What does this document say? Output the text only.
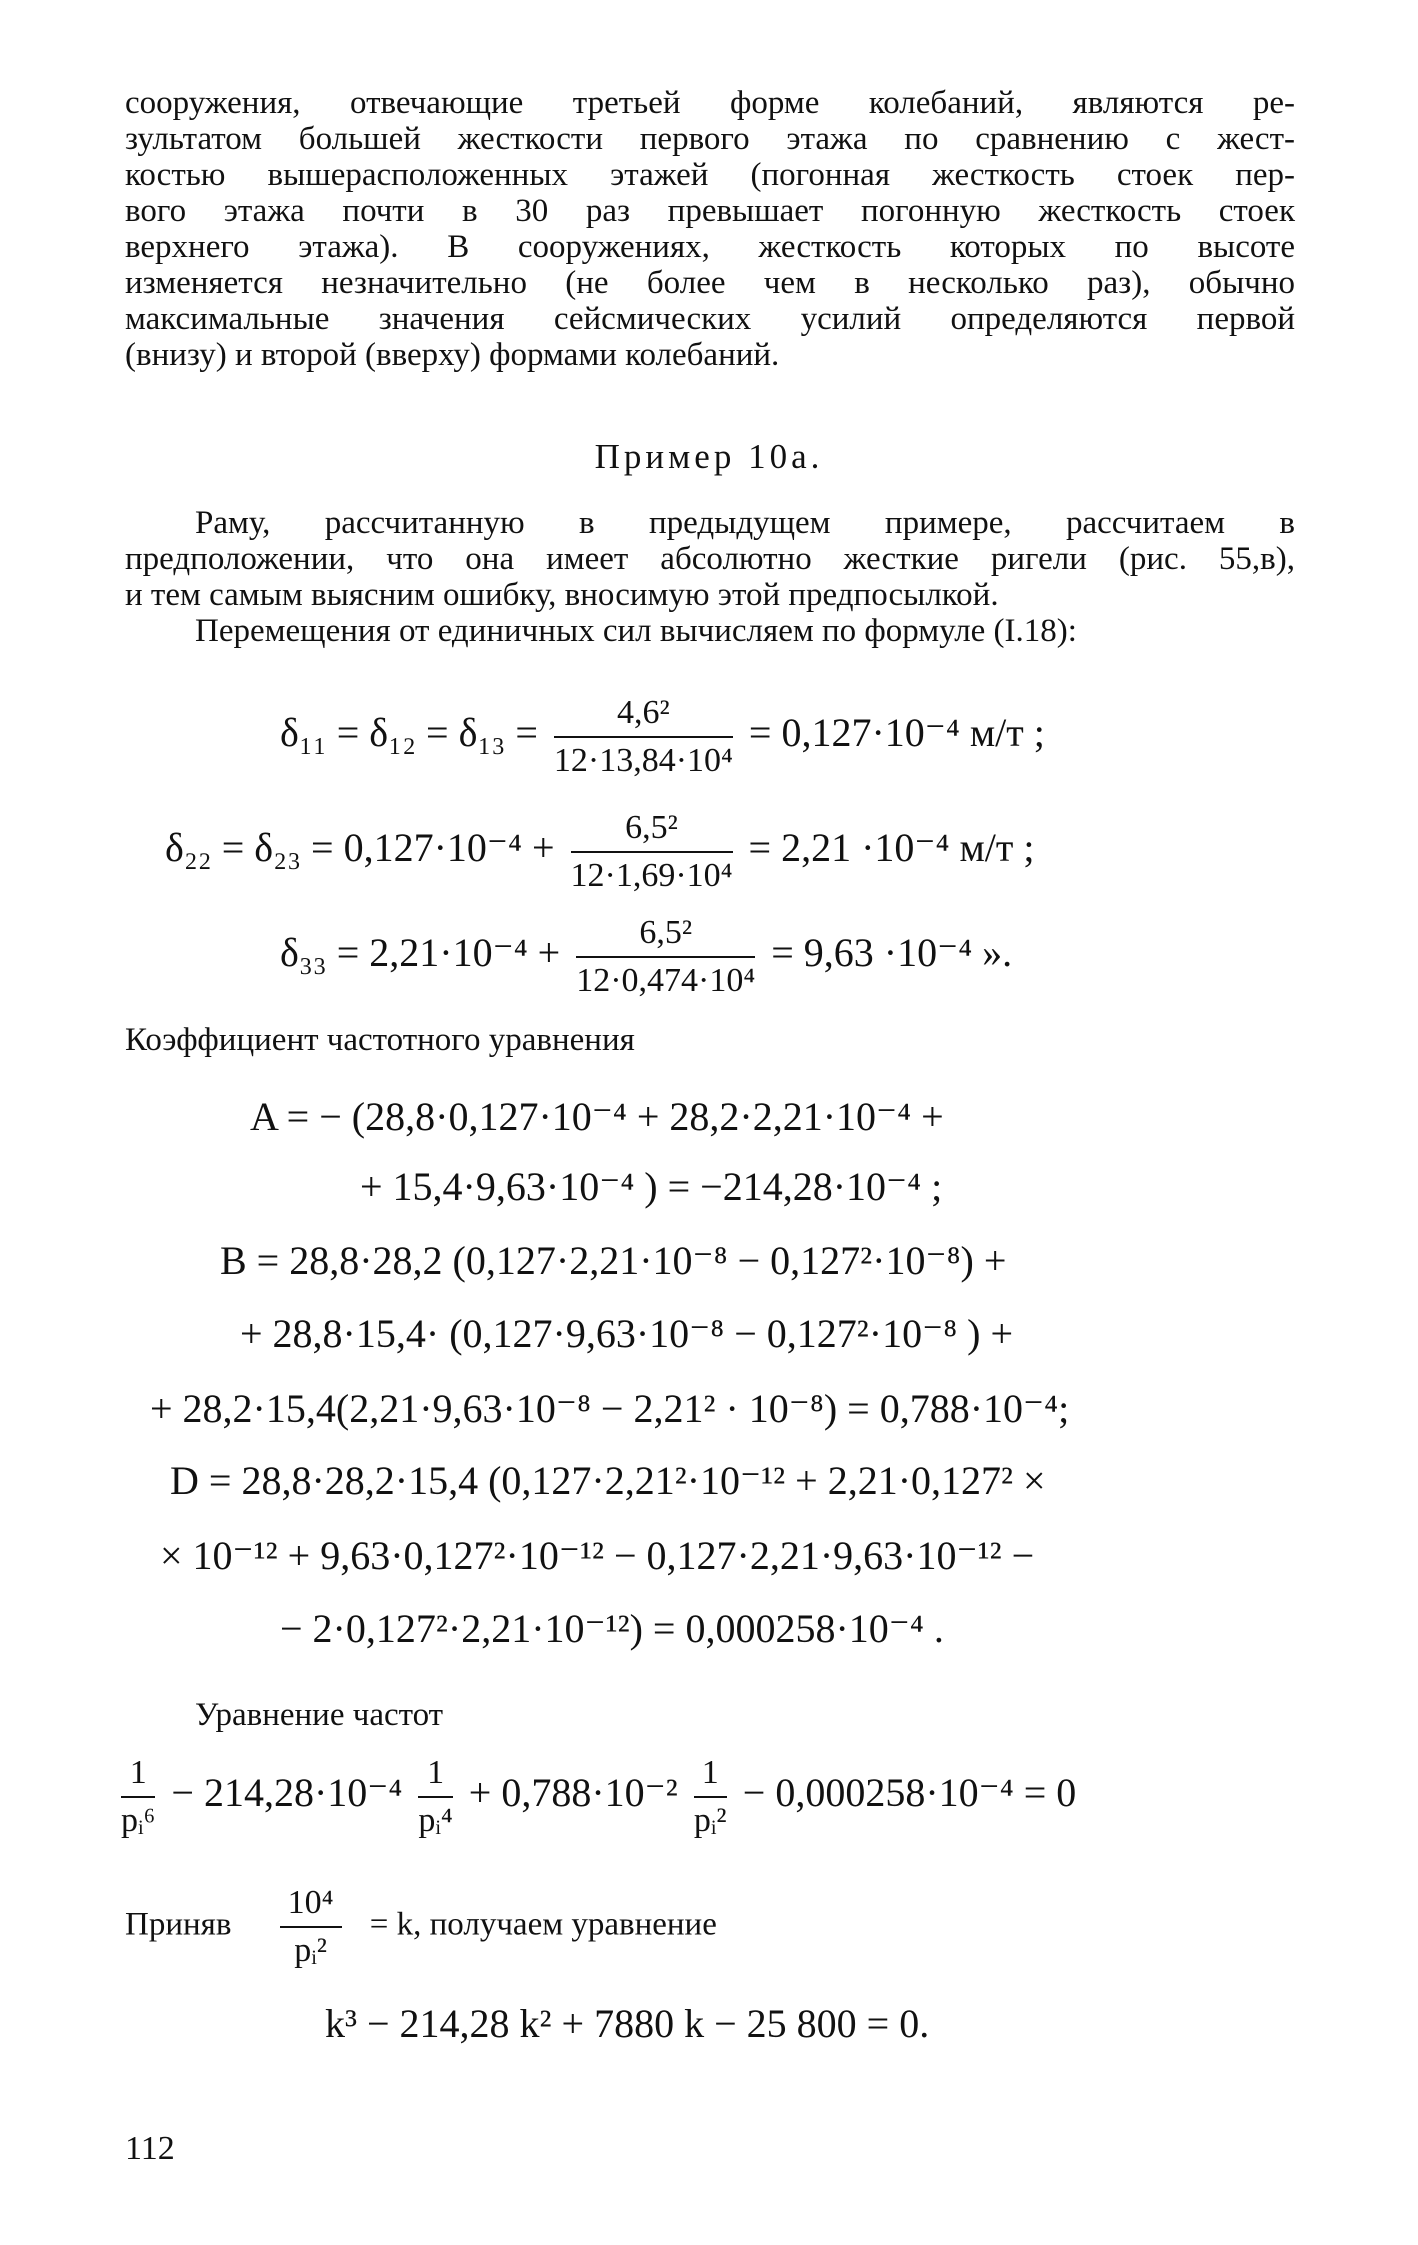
сооружения, отвечающие третьей форме колебаний, являются ре-
зультатом большей жесткости первого этажа по сравнению с жест-
костью вышерасположенных этажей (погонная жесткость стоек пер-
вого этажа почти в 30 раз превышает погонную жесткость стоек
верхнего этажа). В сооружениях, жесткость которых по высоте
изменяется незначительно (не более чем в несколько раз), обычно
максимальные значения сейсмических усилий определяются первой
(внизу) и второй (вверху) формами колебаний.
Пример 10а.
Раму, рассчитанную в предыдущем примере, рассчитаем в
предположении, что она имеет абсолютно жесткие ригели (рис. 55,в),
и тем самым выясним ошибку, вносимую этой предпосылкой.
Перемещения от единичных сил вычисляем по формуле (I.18):
$\delta_{11} = \delta_{12} = \delta_{13} = \frac{\text{4,6²}}{\text{12·13,84·10⁴}} = 0,127\cdot 10^{-4}$ м/т ;
$\delta_{22} = \delta_{23} = 0,127\cdot 10^{-4} + \frac{\text{6,5²}}{\text{12·1,69·10⁴}} = 2,21 \cdot 10^{-4}$ м/т ;
$\delta_{33} = 2,21\cdot 10^{-4} + \frac{\text{6,5²}}{\text{12·0,474·10⁴}} = 9,63 \cdot 10^{-4}$ ».
Коэффициент частотного уравнения
A = − (28,8·0,127·10⁻⁴ + 28,2·2,21·10⁻⁴ +
+ 15,4·9,63·10⁻⁴ ) = −214,28·10⁻⁴ ;
B = 28,8·28,2 (0,127·2,21·10⁻⁸ − 0,127²·10⁻⁸) +
+ 28,8·15,4· (0,127·9,63·10⁻⁸ − 0,127²·10⁻⁸ ) +
+ 28,2·15,4(2,21·9,63·10⁻⁸ − 2,21² · 10⁻⁸) = 0,788·10⁻⁴;
D = 28,8·28,2·15,4 (0,127·2,21²·10⁻¹² + 2,21·0,127² ×
× 10⁻¹² + 9,63·0,127²·10⁻¹² − 0,127·2,21·9,63·10⁻¹² −
− 2·0,127²·2,21·10⁻¹²) = 0,000258·10⁻⁴ .
Уравнение частот
$\frac{1}{\text{pᵢ⁶}} - 214,28\cdot 10^{-4} \frac{1}{\text{pᵢ⁴}} + 0,788\cdot 10^{-2} \frac{1}{\text{pᵢ²}} - 0,000258\cdot 10^{-4} = 0$
Приняв $\frac{\text{10⁴}}{\text{pᵢ²}} = k$, получаем уравнение
k³ − 214,28 k² + 7880 k − 25 800 = 0.
112
